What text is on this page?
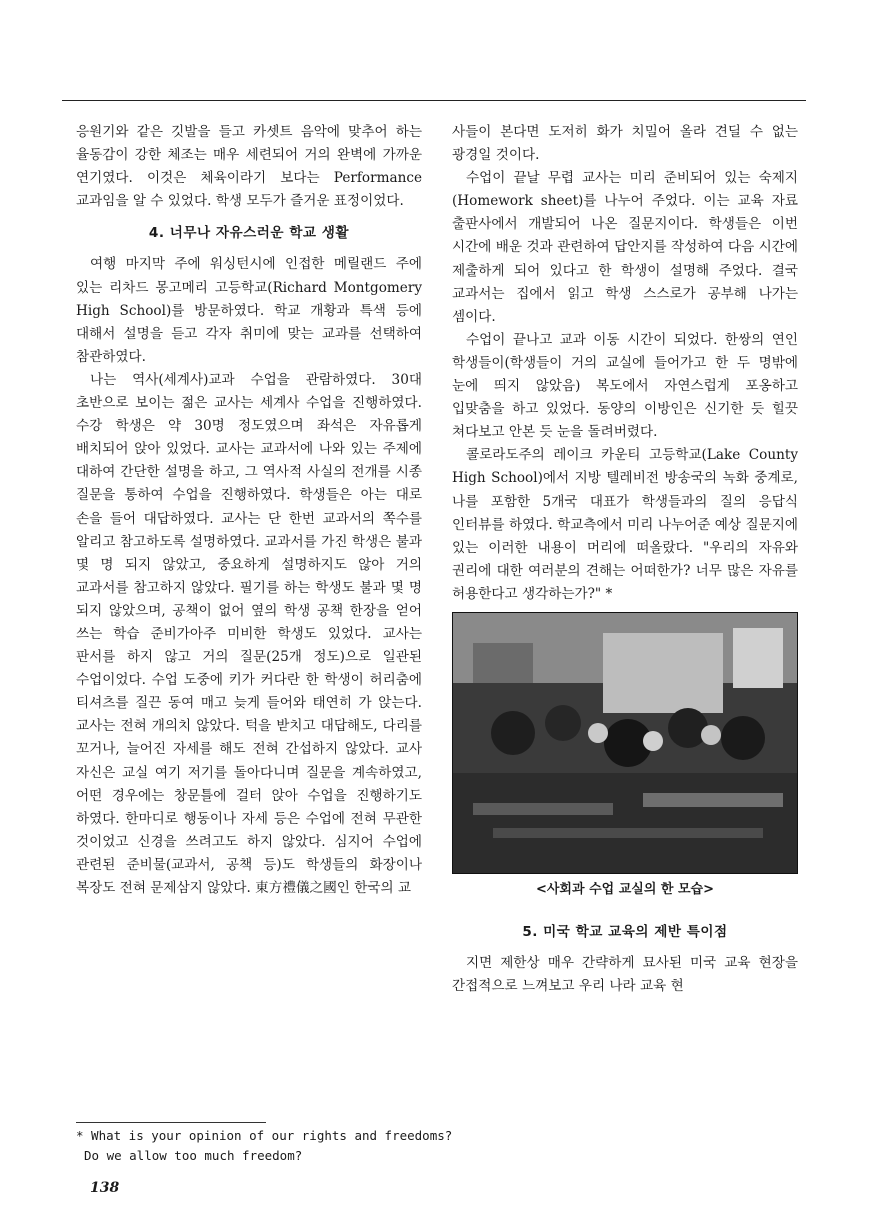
응원기와 같은 깃발을 들고 카셋트 음악에 맞추어 하는 율동감이 강한 체조는 매우 세련되어 거의 완벽에 가까운 연기였다. 이것은 체육이라기 보다는 Performance 교과임을 알 수 있었다. 학생 모두가 즐거운 표정이었다.

4. 너무나 자유스러운 학교 생활

여행 마지막 주에 워싱턴시에 인접한 메릴랜드 주에 있는 리차드 몽고메리 고등학교(Richard Montgomery High School)를 방문하였다. 학교 개황과 특색 등에 대해서 설명을 듣고 각자 취미에 맞는 교과를 선택하여 참관하였다.

나는 역사(세계사)교과 수업을 관람하였다. 30대 초반으로 보이는 젊은 교사는 세계사 수업을 진행하였다. 수강 학생은 약 30명 정도였으며 좌석은 자유롭게 배치되어 앉아 있었다. 교사는 교과서에 나와 있는 주제에 대하여 간단한 설명을 하고, 그 역사적 사실의 전개를 시종 질문을 통하여 수업을 진행하였다. 학생들은 아는 대로 손을 들어 대답하였다. 교사는 단 한번 교과서의 쪽수를 알리고 참고하도록 설명하였다. 교과서를 가진 학생은 불과 몇 명 되지 않았고, 중요하게 설명하지도 않아 거의 교과서를 참고하지 않았다. 필기를 하는 학생도 불과 몇 명 되지 않았으며, 공책이 없어 옆의 학생 공책 한장을 얻어 쓰는 학습 준비가아주 미비한 학생도 있었다. 교사는 판서를 하지 않고 거의 질문(25개 정도)으로 일관된 수업이었다. 수업 도중에 키가 커다란 한 학생이 허리춤에 티셔츠를 질끈 동여 매고 늦게 들어와 태연히 가 앉는다. 교사는 전혀 개의치 않았다. 턱을 받치고 대답해도, 다리를 꼬거나, 늘어진 자세를 해도 전혀 간섭하지 않았다. 교사 자신은 교실 여기 저기를 돌아다니며 질문을 계속하였고, 어떤 경우에는 창문틀에 걸터 앉아 수업을 진행하기도 하였다. 한마디로 행동이나 자세 등은 수업에 전혀 무관한 것이었고 신경을 쓰려고도 하지 않았다. 심지어 수업에 관련된 준비물(교과서, 공책 등)도 학생들의 화장이나 복장도 전혀 문제삼지 않았다. 東方禮儀之國인 한국의 교

사들이 본다면 도저히 화가 치밀어 올라 견딜 수 없는 광경일 것이다.

수업이 끝날 무렵 교사는 미리 준비되어 있는 숙제지(Homework sheet)를 나누어 주었다. 이는 교육 자료 출판사에서 개발되어 나온 질문지이다. 학생들은 이번 시간에 배운 것과 관련하여 답안지를 작성하여 다음 시간에 제출하게 되어 있다고 한 학생이 설명해 주었다. 결국 교과서는 집에서 읽고 학생 스스로가 공부해 나가는 셈이다.

수업이 끝나고 교과 이동 시간이 되었다. 한쌍의 연인 학생들이(학생들이 거의 교실에 들어가고 한 두 명밖에 눈에 띄지 않았음) 복도에서 자연스럽게 포옹하고 입맞춤을 하고 있었다. 동양의 이방인은 신기한 듯 힐끗 쳐다보고 안본 듯 눈을 돌려버렸다.

콜로라도주의 레이크 카운티 고등학교(Lake County High School)에서 지방 텔레비전 방송국의 녹화 중계로, 나를 포함한 5개국 대표가 학생들과의 질의 응답식 인터뷰를 하였다. 학교측에서 미리 나누어준 예상 질문지에 있는 이러한 내용이 머리에 떠올랐다. "우리의 자유와 권리에 대한 여러분의 견해는 어떠한가? 너무 많은 자유를 허용한다고 생각하는가?" *

<사회과 수업 교실의 한 모습>
5. 미국 학교 교육의 제반 특이점

지면 제한상 매우 간략하게 묘사된 미국 교육 현장을 간접적으로 느껴보고 우리 나라 교육 현

* What is your opinion of our rights and freedoms?

Do we allow too much freedom?

138
